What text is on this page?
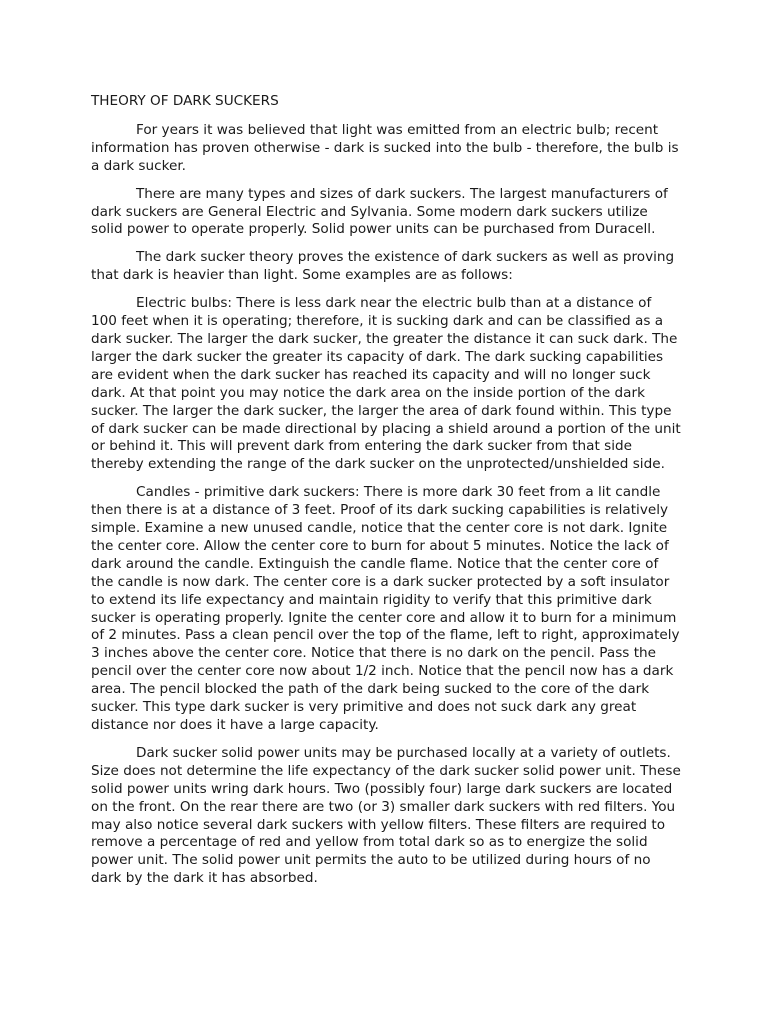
THEORY OF DARK SUCKERS

For years it was believed that light was emitted from an electric bulb; recent information has proven otherwise - dark is sucked into the bulb - therefore, the bulb is a dark sucker.

There are many types and sizes of dark suckers. The largest manufacturers of dark suckers are General Electric and Sylvania. Some modern dark suckers utilize solid power to operate properly. Solid power units can be purchased from Duracell.

The dark sucker theory proves the existence of dark suckers as well as proving that dark is heavier than light. Some examples are as follows:

Electric bulbs: There is less dark near the electric bulb than at a distance of 100 feet when it is operating; therefore, it is sucking dark and can be classified as a dark sucker. The larger the dark sucker, the greater the distance it can suck dark. The larger the dark sucker the greater its capacity of dark. The dark sucking capabilities are evident when the dark sucker has reached its capacity and will no longer suck dark. At that point you may notice the dark area on the inside portion of the dark sucker. The larger the dark sucker, the larger the area of dark found within. This type of dark sucker can be made directional by placing a shield around a portion of the unit or behind it. This will prevent dark from entering the dark sucker from that side thereby extending the range of the dark sucker on the unprotected/unshielded side.

Candles - primitive dark suckers: There is more dark 30 feet from a lit candle then there is at a distance of 3 feet. Proof of its dark sucking capabilities is relatively simple. Examine a new unused candle, notice that the center core is not dark. Ignite the center core. Allow the center core to burn for about 5 minutes. Notice the lack of dark around the candle. Extinguish the candle flame. Notice that the center core of the candle is now dark. The center core is a dark sucker protected by a soft insulator to extend its life expectancy and maintain rigidity to verify that this primitive dark sucker is operating properly. Ignite the center core and allow it to burn for a minimum of 2 minutes. Pass a clean pencil over the top of the flame, left to right, approximately 3 inches above the center core. Notice that there is no dark on the pencil. Pass the pencil over the center core now about 1/2 inch. Notice that the pencil now has a dark area. The pencil blocked the path of the dark being sucked to the core of the dark sucker. This type dark sucker is very primitive and does not suck dark any great distance nor does it have a large capacity.

Dark sucker solid power units may be purchased locally at a variety of outlets. Size does not determine the life expectancy of the dark sucker solid power unit. These solid power units wring dark hours. Two (possibly four) large dark suckers are located on the front. On the rear there are two (or 3) smaller dark suckers with red filters. You may also notice several dark suckers with yellow filters. These filters are required to remove a percentage of red and yellow from total dark so as to energize the solid power unit. The solid power unit permits the auto to be utilized during hours of no dark by the dark it has absorbed.
